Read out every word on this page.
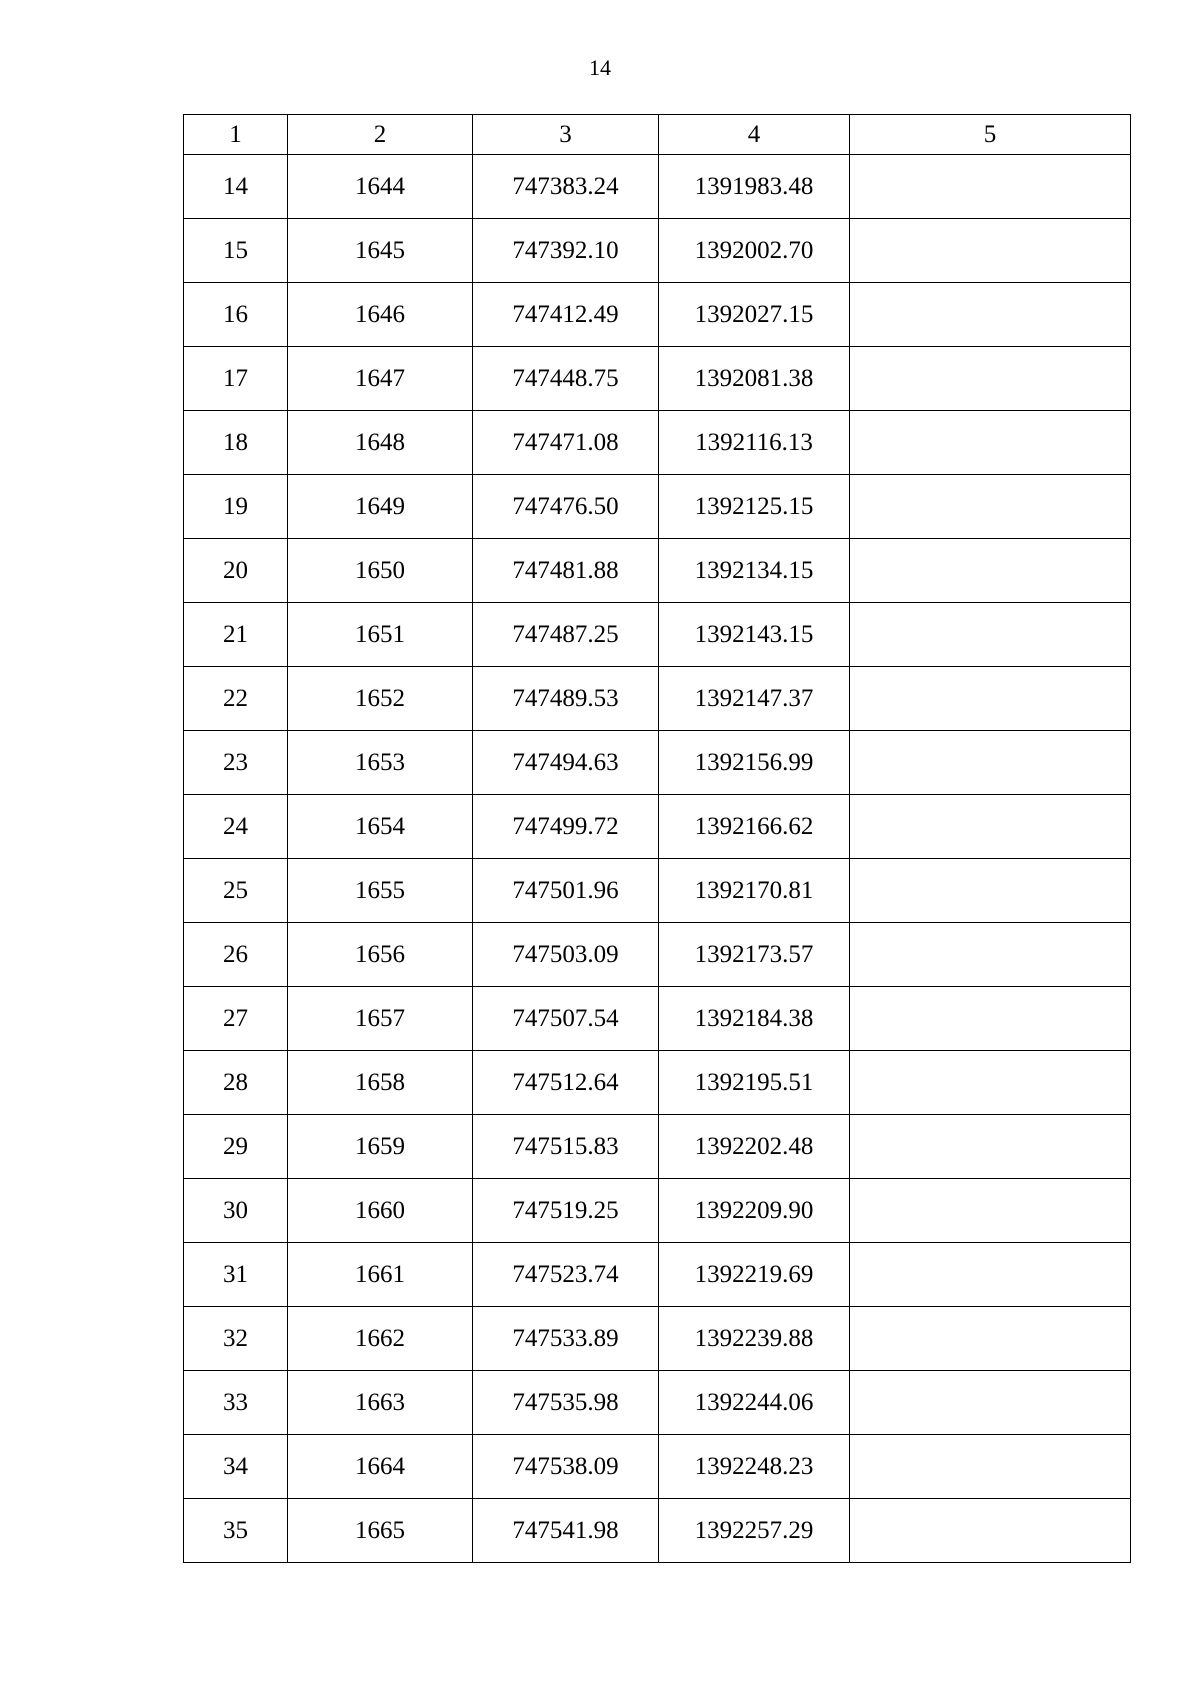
14
1	2	3	4	5
14	1644	747383.24	1391983.48	
15	1645	747392.10	1392002.70	
16	1646	747412.49	1392027.15	
17	1647	747448.75	1392081.38	
18	1648	747471.08	1392116.13	
19	1649	747476.50	1392125.15	
20	1650	747481.88	1392134.15	
21	1651	747487.25	1392143.15	
22	1652	747489.53	1392147.37	
23	1653	747494.63	1392156.99	
24	1654	747499.72	1392166.62	
25	1655	747501.96	1392170.81	
26	1656	747503.09	1392173.57	
27	1657	747507.54	1392184.38	
28	1658	747512.64	1392195.51	
29	1659	747515.83	1392202.48	
30	1660	747519.25	1392209.90	
31	1661	747523.74	1392219.69	
32	1662	747533.89	1392239.88	
33	1663	747535.98	1392244.06	
34	1664	747538.09	1392248.23	
35	1665	747541.98	1392257.29	
